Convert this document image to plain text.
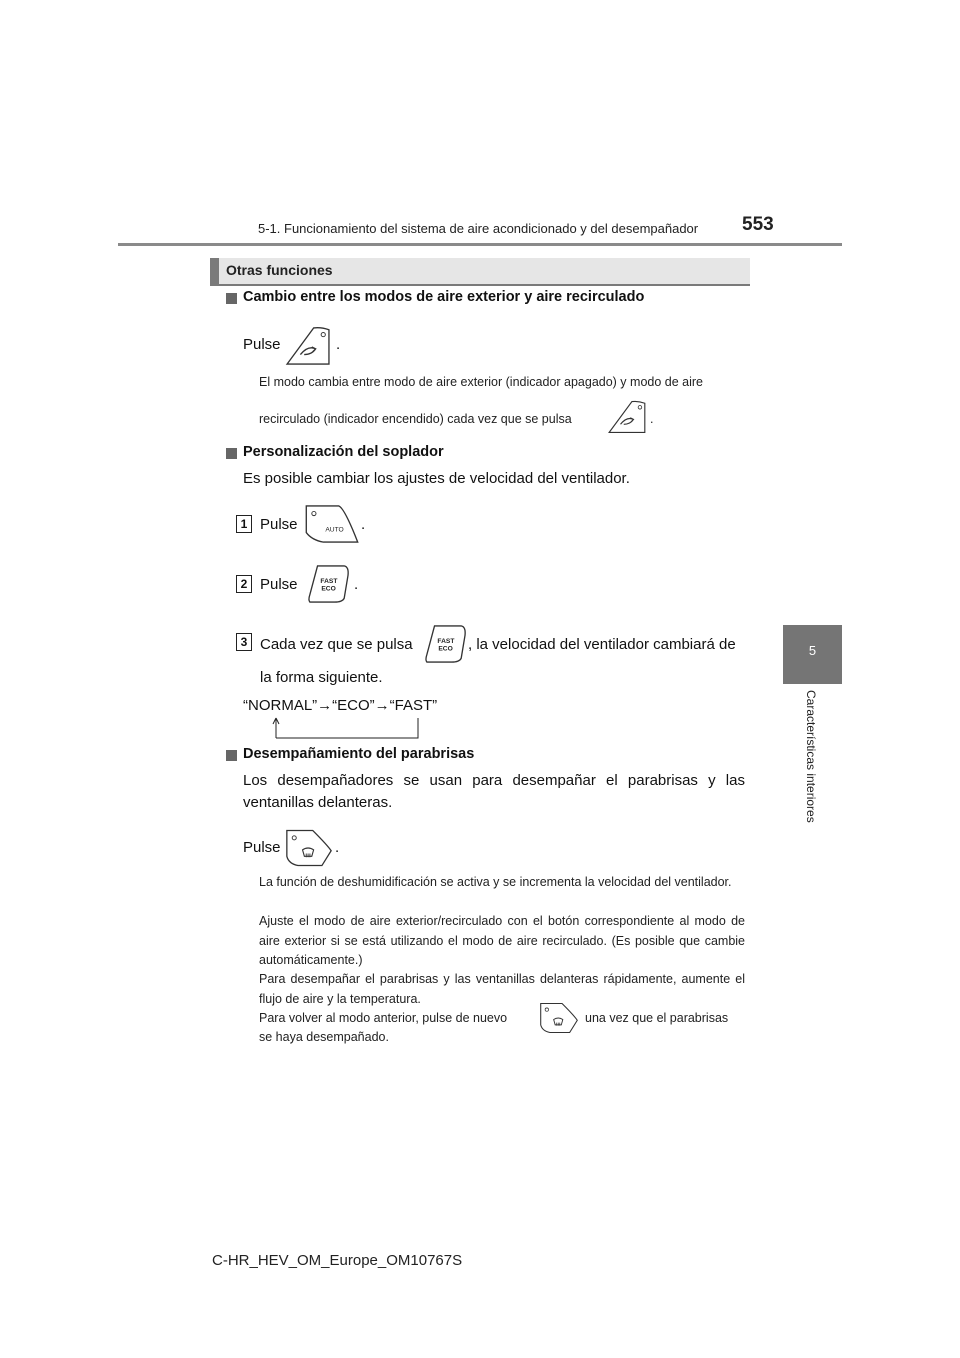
5-1. Funcionamiento del sistema de aire acondicionado y del desempañador 553
5
Características interiores
Otras funciones
Cambio entre los modos de aire exterior y aire recirculado
Pulse	.
El modo cambia entre modo de aire exterior (indicador apagado) y modo de aire
recirculado (indicador encendido) cada vez que se pulsa	.
Personalización del soplador
Es posible cambiar los ajustes de velocidad del ventilador.
1 Pulse	.
2 Pulse	.
3 Cada vez que se pulsa	, la velocidad del ventilador cambiará de
la forma siguiente.
“NORMAL”→“ECO”→“FAST”
Desempañamiento del parabrisas
Los desempañadores se usan para desempañar el parabrisas y las
ventanillas delanteras.
Pulse	.
La función de deshumidificación se activa y se incrementa la velocidad del ventilador.
Ajuste el modo de aire exterior/recirculado con el botón correspondiente al modo de aire exterior si se está utilizando el modo de aire recirculado. (Es posible que cambie automáticamente.)
Para desempañar el parabrisas y las ventanillas delanteras rápidamente, aumente el flujo de aire y la temperatura.
Para volver al modo anterior, pulse de nuevo	una vez que el parabrisas
se haya desempañado.
C-HR_HEV_OM_Europe_OM10767S
